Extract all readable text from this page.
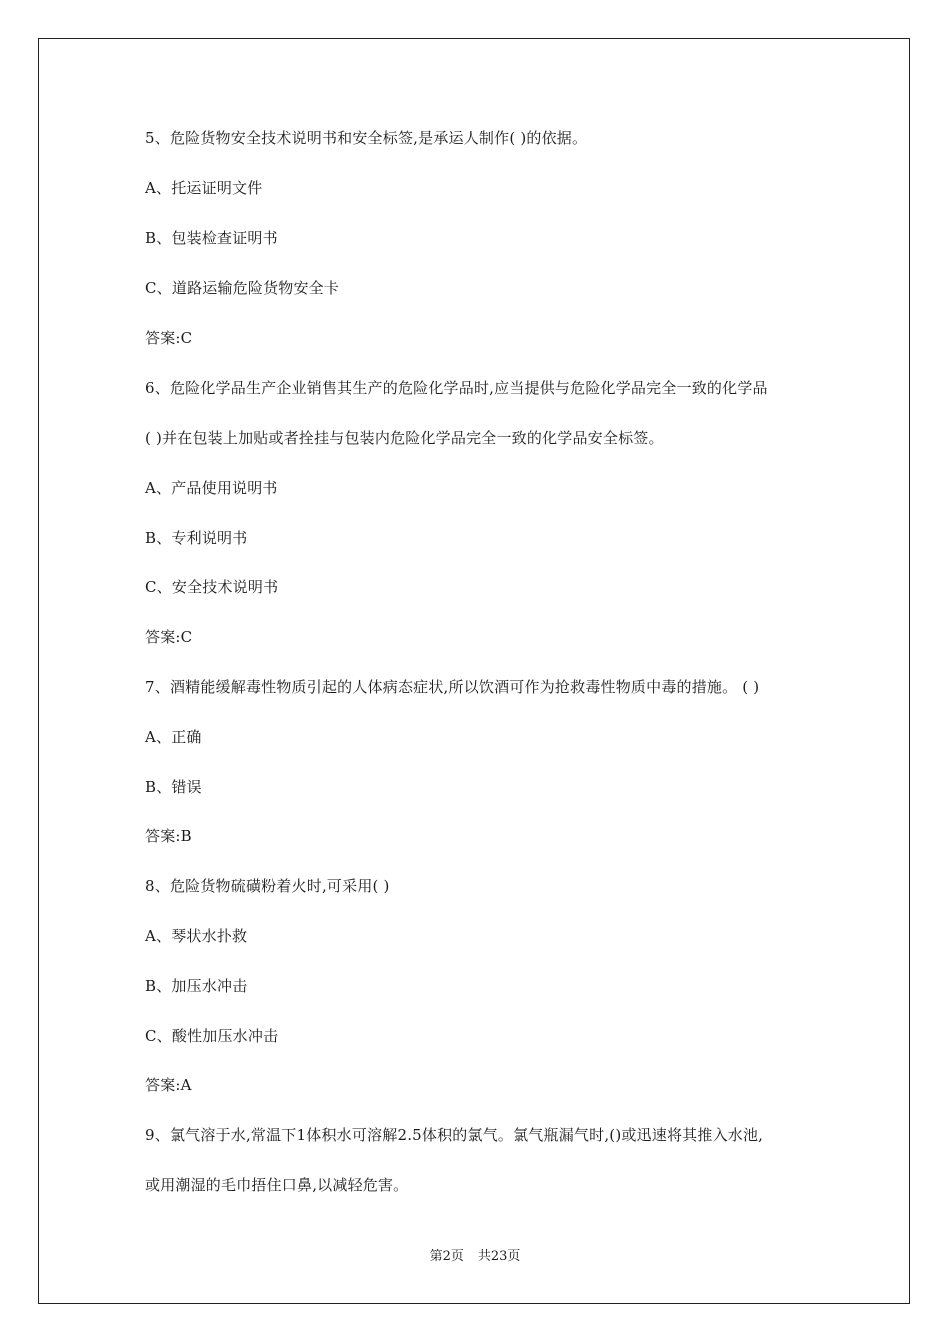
5、危险货物安全技术说明书和安全标签,是承运人制作( )的依据。
A、托运证明文件
B、包装检查证明书
C、道路运输危险货物安全卡
答案:C
6、危险化学品生产企业销售其生产的危险化学品时,应当提供与危险化学品完全一致的化学品
( )并在包装上加贴或者拴挂与包装内危险化学品完全一致的化学品安全标签。
A、产品使用说明书
B、专利说明书
C、安全技术说明书
答案:C
7、酒精能缓解毒性物质引起的人体病态症状,所以饮酒可作为抢救毒性物质中毒的措施。 ( )
A、正确
B、错误
答案:B
8、危险货物硫磺粉着火时,可采用( )
A、琴状水扑救
B、加压水冲击
C、酸性加压水冲击
答案:A
9、氯气溶于水,常温下1体积水可溶解2.5体积的氯气。氯气瓶漏气时,()或迅速将其推入水池,
或用潮湿的毛巾捂住口鼻,以减轻危害。
第2页 共23页
